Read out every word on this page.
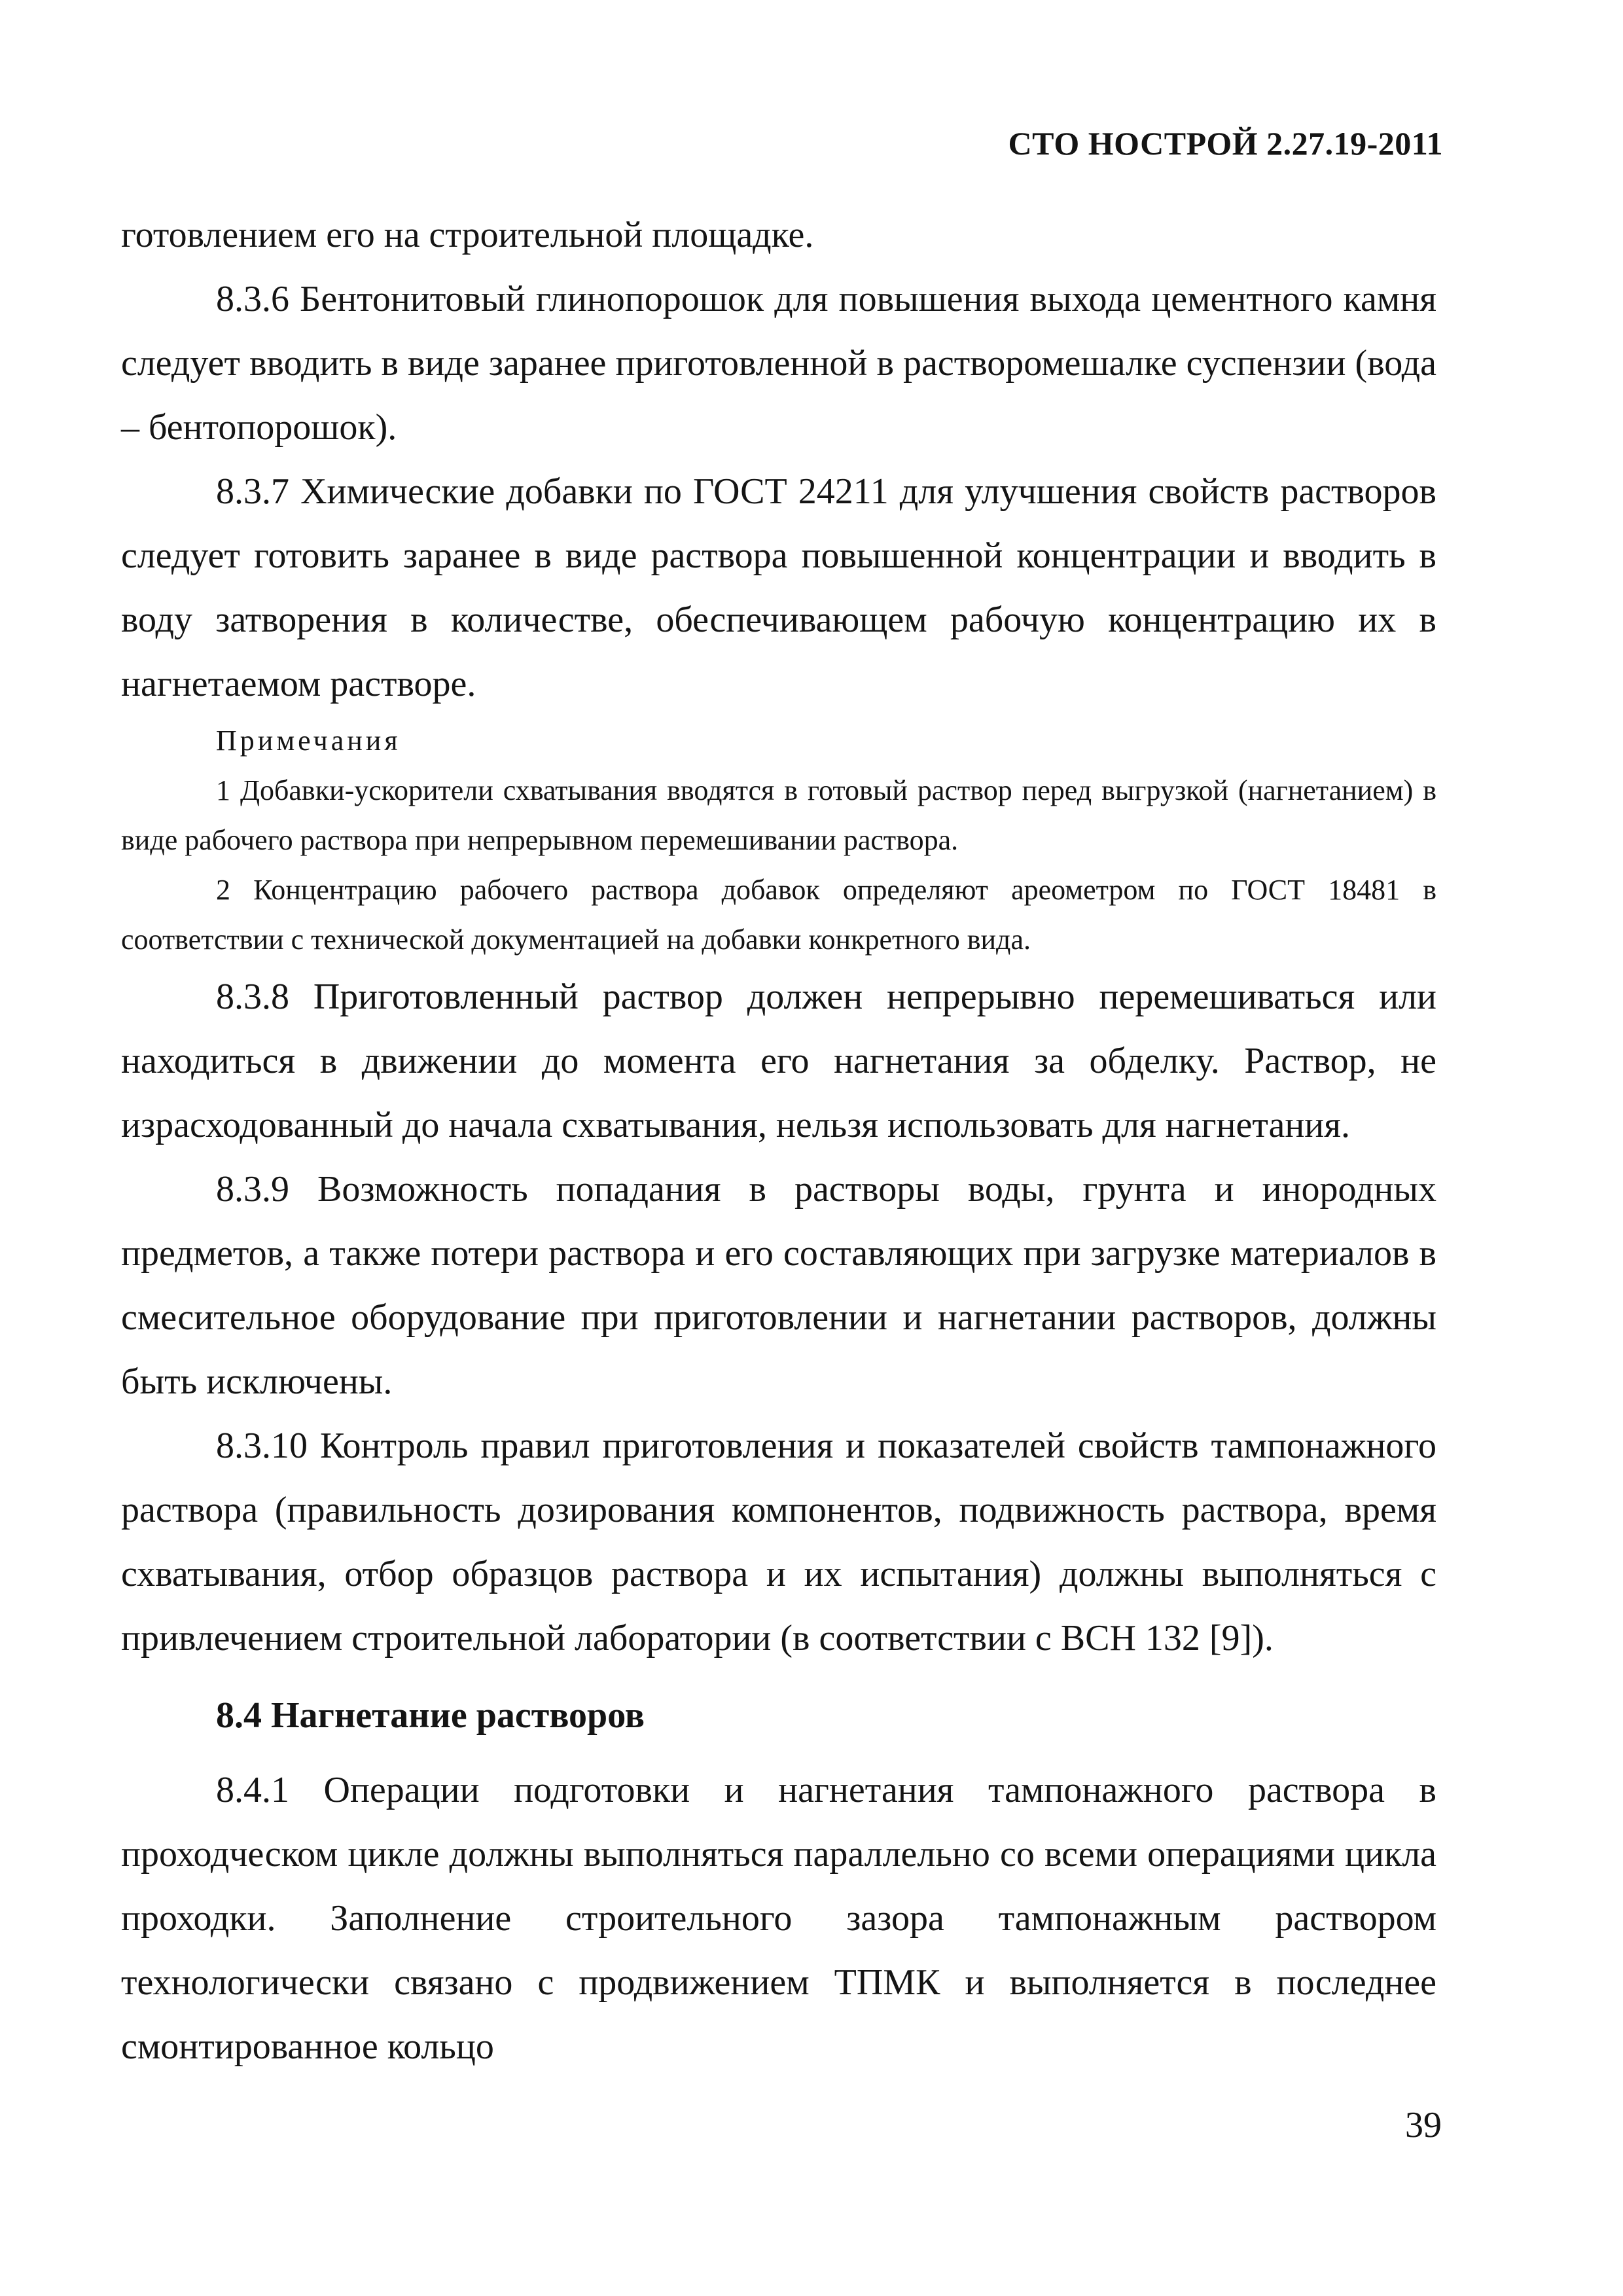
СТО НОСТРОЙ 2.27.19-2011

готовлением его на строительной площадке.

8.3.6 Бентонитовый глинопорошок для повышения выхода цементного камня следует вводить в виде заранее приготовленной в растворомешалке суспензии (вода – бентопорошок).

8.3.7 Химические добавки по ГОСТ 24211 для улучшения свойств растворов следует готовить заранее в виде раствора повышенной концентрации и вводить в воду затворения в количестве, обеспечивающем рабочую концентрацию их в нагнетаемом растворе.

Примечания

1 Добавки-ускорители схватывания вводятся в готовый раствор перед выгрузкой (нагнетанием) в виде рабочего раствора при непрерывном перемешивании раствора.

2 Концентрацию рабочего раствора добавок определяют ареометром по ГОСТ 18481 в соответствии с технической документацией на добавки конкретного вида.

8.3.8 Приготовленный раствор должен непрерывно перемешиваться или находиться в движении до момента его нагнетания за обделку. Раствор, не израсходованный до начала схватывания, нельзя использовать для нагнетания.

8.3.9 Возможность попадания в растворы воды, грунта и инородных предметов, а также потери раствора и его составляющих при загрузке материалов в смесительное оборудование при приготовлении и нагнетании растворов, должны быть исключены.

8.3.10 Контроль правил приготовления и показателей свойств тампонажного раствора (правильность дозирования компонентов, подвижность раствора, время схватывания, отбор образцов раствора и их испытания) должны выполняться с привлечением строительной лаборатории (в соответствии с ВСН 132 [9]).

8.4 Нагнетание растворов

8.4.1 Операции подготовки и нагнетания тампонажного раствора в проходческом цикле должны выполняться параллельно со всеми операциями цикла проходки. Заполнение строительного зазора тампонажным раствором технологически связано с продвижением ТПМК и выполняется в последнее смонтированное кольцо

39
